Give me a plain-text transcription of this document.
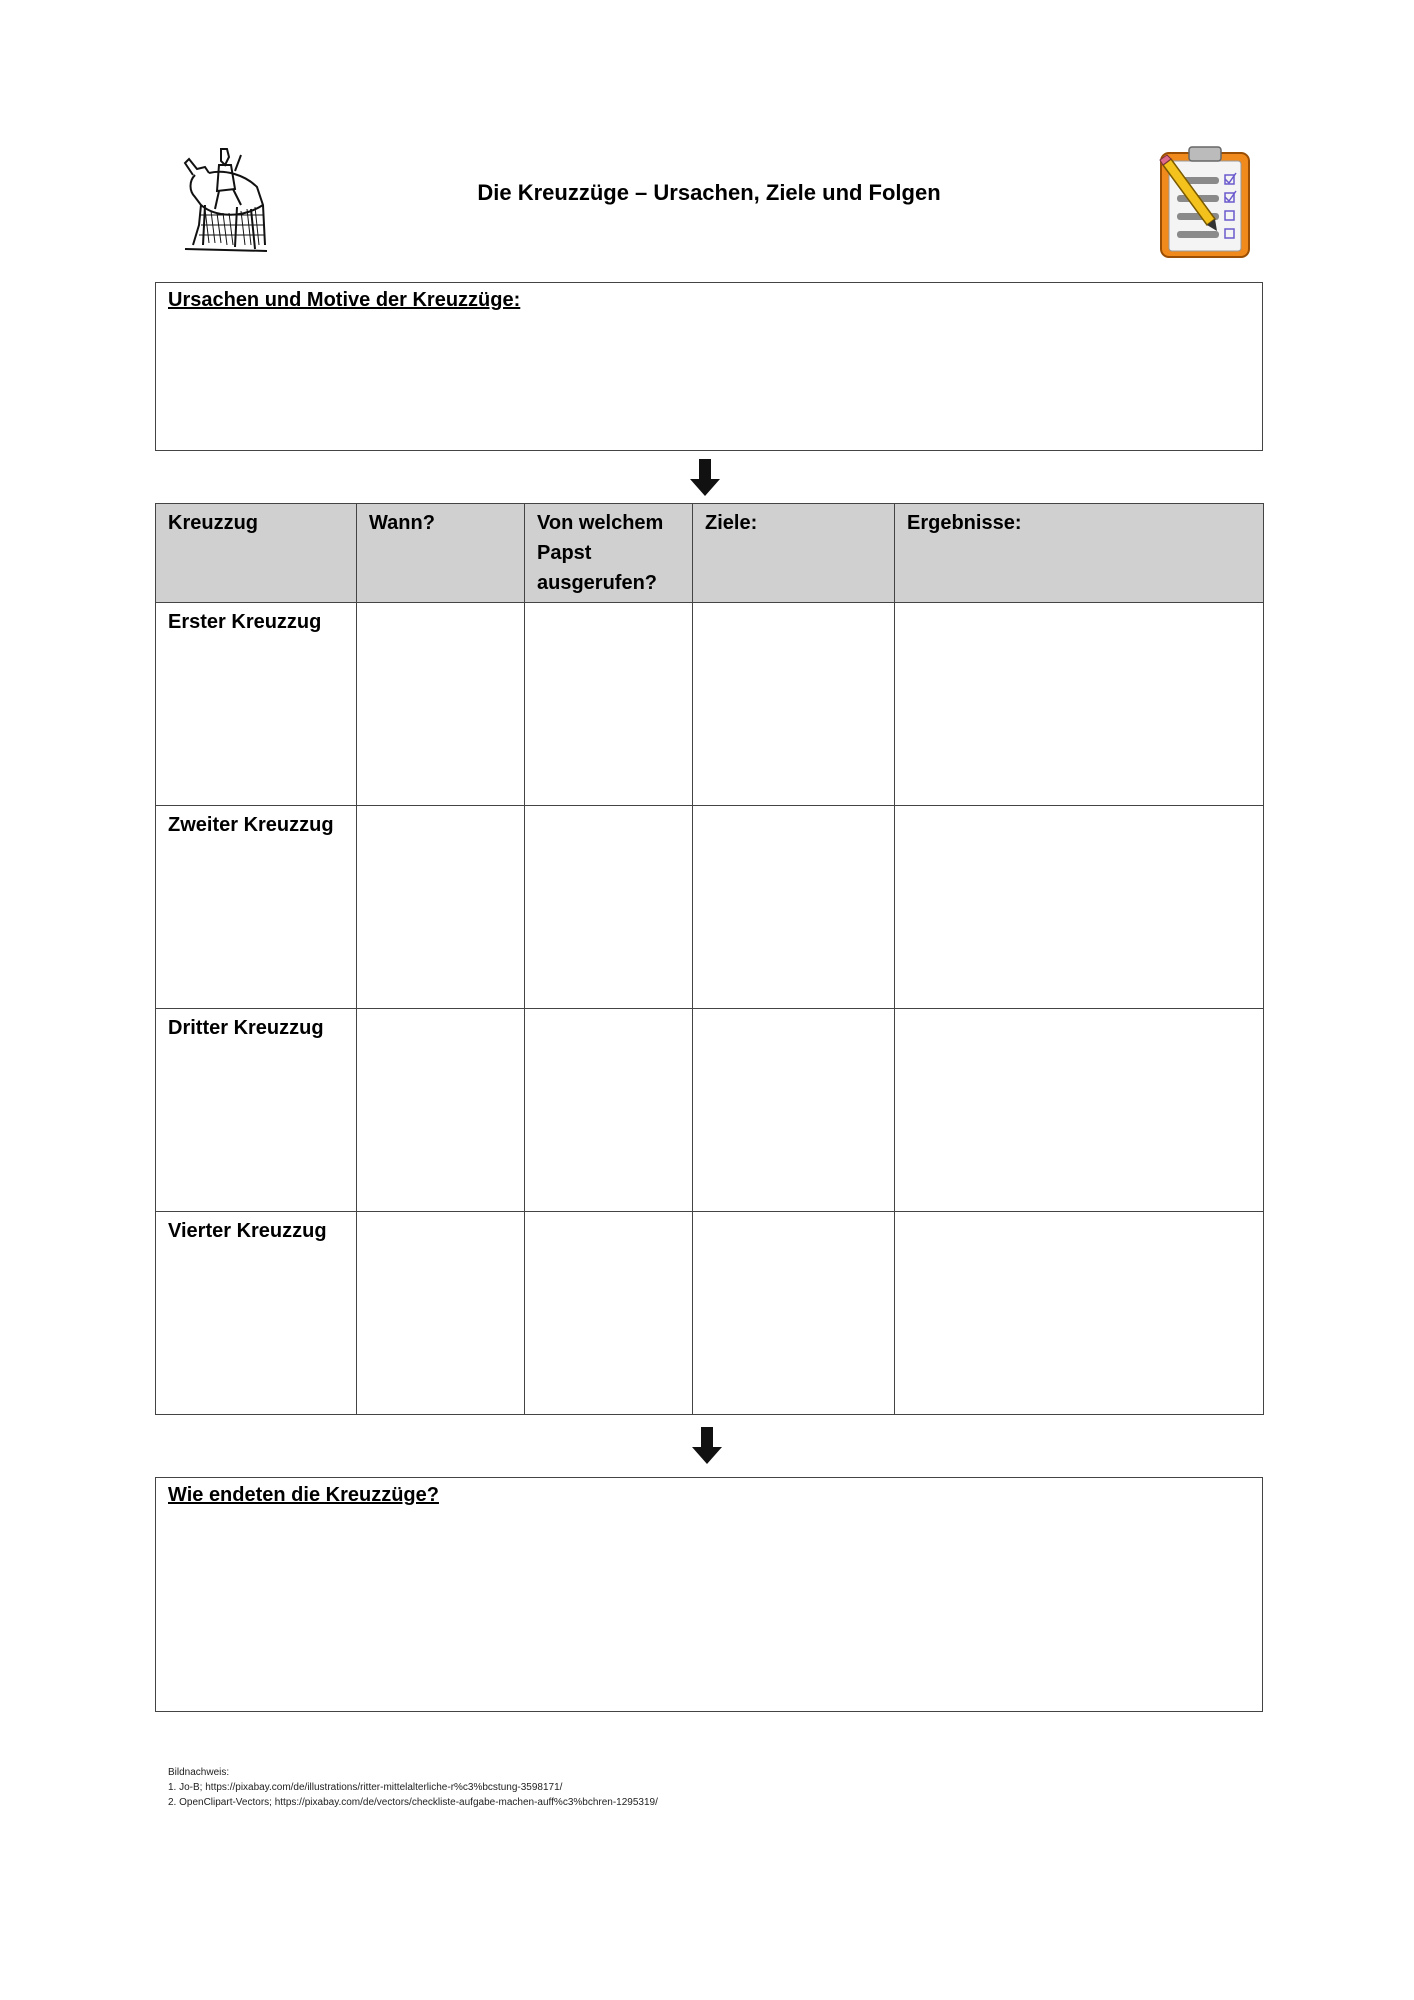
Die Kreuzzüge – Ursachen, Ziele und Folgen
Ursachen und Motive der Kreuzzüge:
Kreuzzug	Wann?	Von welchem Papst ausgerufen?	Ziele:	Ergebnisse:
Erster Kreuzzug				
Zweiter Kreuzzug				
Dritter Kreuzzug				
Vierter Kreuzzug				
Wie endeten die Kreuzzüge?
Bildnachweis:
1. Jo-B; https://pixabay.com/de/illustrations/ritter-mittelalterliche-r%c3%bcstung-3598171/
2. OpenClipart-Vectors; https://pixabay.com/de/vectors/checkliste-aufgabe-machen-auff%c3%bchren-1295319/
